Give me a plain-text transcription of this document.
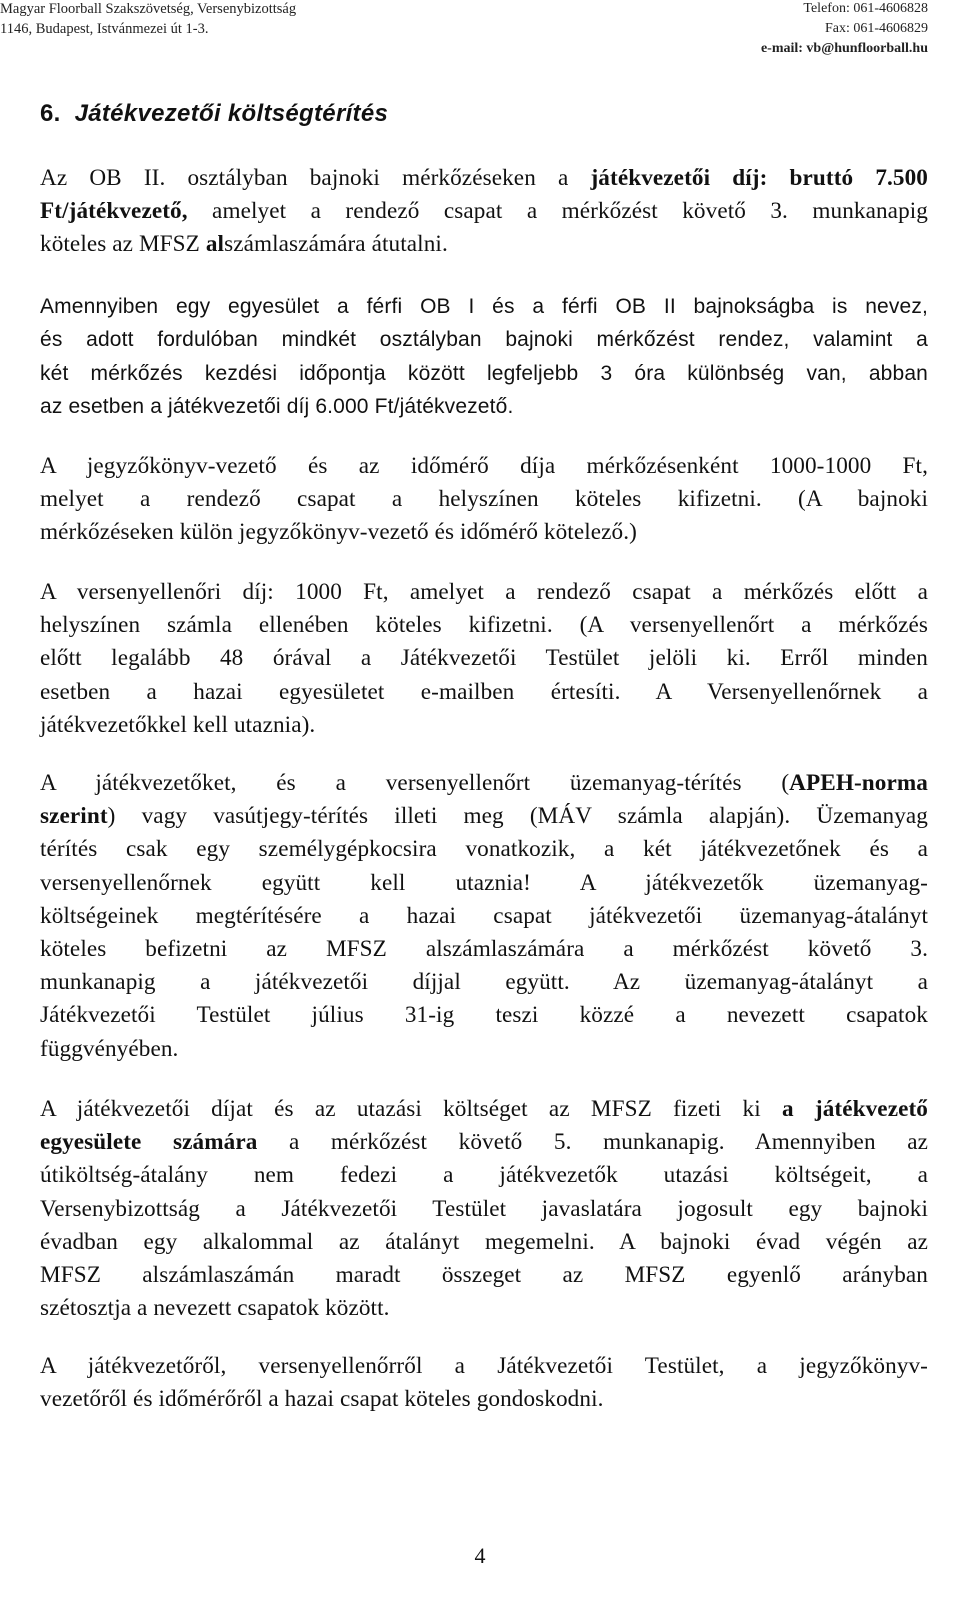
Magyar Floorball Szakszövetség, Versenybizottság
1146, Budapest, Istvánmezei út 1-3.
Telefon: 061-4606828
Fax: 061-4606829
e-mail: vb@hunfloorball.hu
6. Játékvezetői költségtérítés
Az OB II. osztályban bajnoki mérkőzéseken a játékvezetői díj: bruttó 7.500
Ft/játékvezető, amelyet a rendező csapat a mérkőzést követő 3. munkanapig
köteles az MFSZ alszámlaszámára átutalni.
Amennyiben egy egyesület a férfi OB I és a férfi OB II bajnokságba is nevez,
és adott fordulóban mindkét osztályban bajnoki mérkőzést rendez, valamint a
két mérkőzés kezdési időpontja között legfeljebb 3 óra különbség van, abban
az esetben a játékvezetői díj 6.000 Ft/játékvezető.
A jegyzőkönyv-vezető és az időmérő díja mérkőzésenként 1000-1000 Ft,
melyet a rendező csapat a helyszínen köteles kifizetni. (A bajnoki
mérkőzéseken külön jegyzőkönyv-vezető és időmérő kötelező.)
A versenyellenőri díj: 1000 Ft, amelyet a rendező csapat a mérkőzés előtt a
helyszínen számla ellenében köteles kifizetni. (A versenyellenőrt a mérkőzés
előtt legalább 48 órával a Játékvezetői Testület jelöli ki. Erről minden
esetben a hazai egyesületet e-mailben értesíti. A Versenyellenőrnek a
játékvezetőkkel kell utaznia).
A játékvezetőket, és a versenyellenőrt üzemanyag-térítés (APEH-norma
szerint) vagy vasútjegy-térítés illeti meg (MÁV számla alapján). Üzemanyag
térítés csak egy személygépkocsira vonatkozik, a két játékvezetőnek és a
versenyellenőrnek együtt kell utaznia! A játékvezetők üzemanyag-
költségeinek megtérítésére a hazai csapat játékvezetői üzemanyag-átalányt
köteles befizetni az MFSZ alszámlaszámára a mérkőzést követő 3.
munkanapig a játékvezetői díjjal együtt. Az üzemanyag-átalányt a
Játékvezetői Testület július 31-ig teszi közzé a nevezett csapatok
függvényében.
A játékvezetői díjat és az utazási költséget az MFSZ fizeti ki a játékvezető
egyesülete számára a mérkőzést követő 5. munkanapig. Amennyiben az
útiköltség-átalány nem fedezi a játékvezetők utazási költségeit, a
Versenybizottság a Játékvezetői Testület javaslatára jogosult egy bajnoki
évadban egy alkalommal az átalányt megemelni. A bajnoki évad végén az
MFSZ alszámlaszámán maradt összeget az MFSZ egyenlő arányban
szétosztja a nevezett csapatok között.
A játékvezetőről, versenyellenőrről a Játékvezetői Testület, a jegyzőkönyv-
vezetőről és időmérőről a hazai csapat köteles gondoskodni.
4
